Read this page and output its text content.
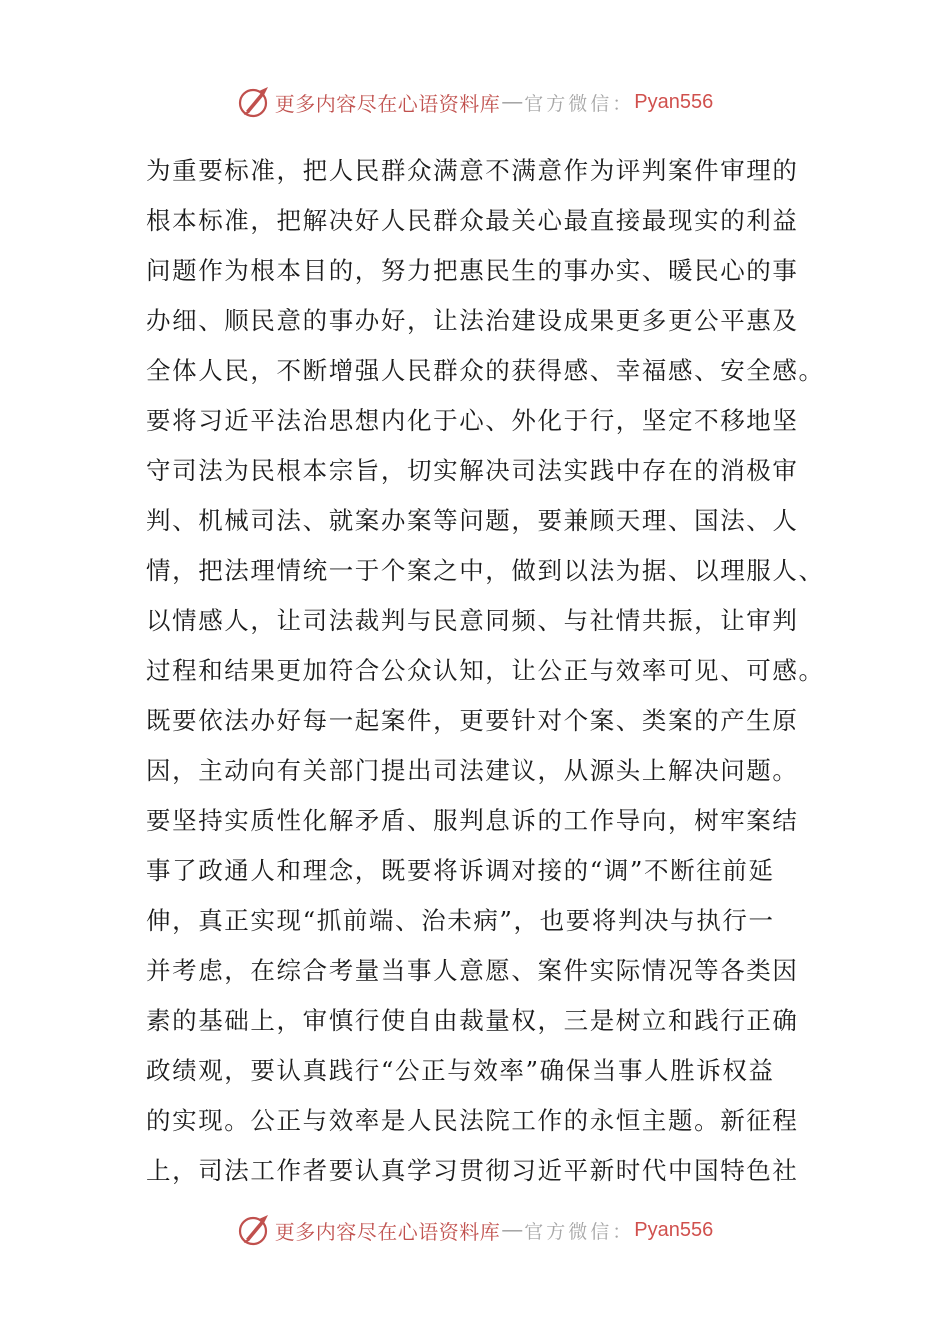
更多内容尽在心语资料库 — 官方微信： Pyan556
为重要标准，把人民群众满意不满意作为评判案件审理的
根本标准，把解决好人民群众最关心最直接最现实的利益
问题作为根本目的，努力把惠民生的事办实、暖民心的事
办细、顺民意的事办好，让法治建设成果更多更公平惠及
全体人民，不断增强人民群众的获得感、幸福感、安全感。
要将习近平法治思想内化于心、外化于行，坚定不移地坚
守司法为民根本宗旨，切实解决司法实践中存在的消极审
判、机械司法、就案办案等问题，要兼顾天理、国法、人
情，把法理情统一于个案之中，做到以法为据、以理服人、
以情感人，让司法裁判与民意同频、与社情共振，让审判
过程和结果更加符合公众认知，让公正与效率可见、可感。
既要依法办好每一起案件，更要针对个案、类案的产生原
因，主动向有关部门提出司法建议，从源头上解决问题。
要坚持实质性化解矛盾、服判息诉的工作导向，树牢案结
事了政通人和理念，既要将诉调对接的“调”不断往前延
伸，真正实现“抓前端、治未病”，也要将判决与执行一
并考虑，在综合考量当事人意愿、案件实际情况等各类因
素的基础上，审慎行使自由裁量权，三是树立和践行正确
政绩观，要认真践行“公正与效率”确保当事人胜诉权益
的实现。公正与效率是人民法院工作的永恒主题。新征程
上，司法工作者要认真学习贯彻习近平新时代中国特色社
更多内容尽在心语资料库 — 官方微信： Pyan556
